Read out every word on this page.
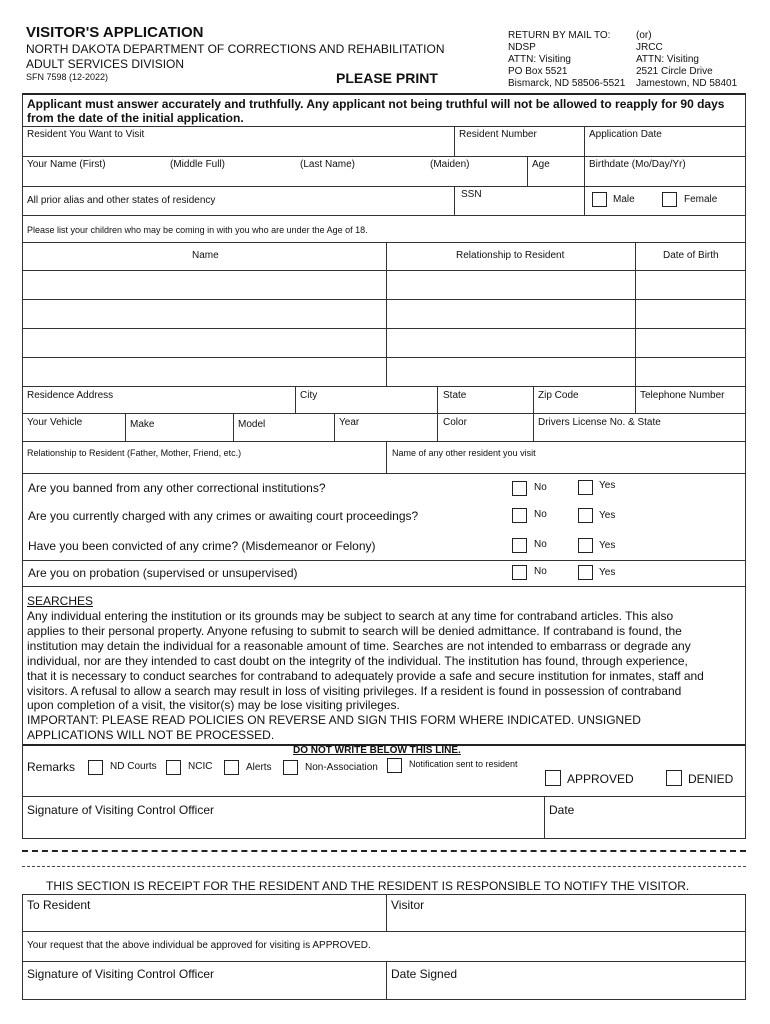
VISITOR'S APPLICATION
NORTH DAKOTA DEPARTMENT OF CORRECTIONS AND REHABILITATION
ADULT SERVICES DIVISION
SFN 7598 (12-2022)	PLEASE PRINT
RETURN BY MAIL TO:
NDSP
ATTN: Visiting
PO Box 5521
Bismarck, ND 58506-5521
(or)
JRCC
ATTN: Visiting
2521 Circle Drive
Jamestown, ND 58401
Applicant must answer accurately and truthfully. Any applicant not being truthful will not be allowed to reapply for 90 days from the date of the initial application.
Resident You Want to Visit	Resident Number	Application Date
Your Name (First)	(Middle Full)	(Last Name)	(Maiden)	Age	Birthdate (Mo/Day/Yr)
All prior alias and other states of residency
SSN	Male	Female
Please list your children who may be coming in with you who are under the Age of 18.
Name	Relationship to Resident	Date of Birth
Residence Address	City	State	Zip Code	Telephone Number
Your Vehicle	Make	Model	Year	Color	Drivers License No. & State
Relationship to Resident (Father, Mother, Friend, etc.)	Name of any other resident you visit
Are you banned from any other correctional institutions?	No	Yes
Are you currently charged with any crimes or awaiting court proceedings?	No	Yes
Have you been convicted of any crime? (Misdemeanor or Felony)	No	Yes
Are you on probation (supervised or unsupervised)	No	Yes
SEARCHES
Any individual entering the institution or its grounds may be subject to search at any time for contraband articles. This also
applies to their personal property. Anyone refusing to submit to search will be denied admittance. If contraband is found, the
institution may detain the individual for a reasonable amount of time. Searches are not intended to embarrass or degrade any
individual, nor are they intended to cast doubt on the integrity of the individual. The institution has found, through experience,
that it is necessary to conduct searches for contraband to adequately provide a safe and secure institution for inmates, staff and
visitors. A refusal to allow a search may result in loss of visiting privileges. If a resident is found in possession of contraband
upon completion of a visit, the visitor(s) may be lose visiting privileges.
IMPORTANT: PLEASE READ POLICIES ON REVERSE AND SIGN THIS FORM WHERE INDICATED. UNSIGNED
APPLICATIONS WILL NOT BE PROCESSED.
DO NOT WRITE BELOW THIS LINE.
Remarks	ND Courts	NCIC	Alerts	Non-Association	Notification sent to resident
APPROVED	DENIED
Signature of Visiting Control Officer	Date
THIS SECTION IS RECEIPT FOR THE RESIDENT AND THE RESIDENT IS RESPONSIBLE TO NOTIFY THE VISITOR.
To Resident	Visitor
Your request that the above individual be approved for visiting is APPROVED.
Signature of Visiting Control Officer	Date Signed
